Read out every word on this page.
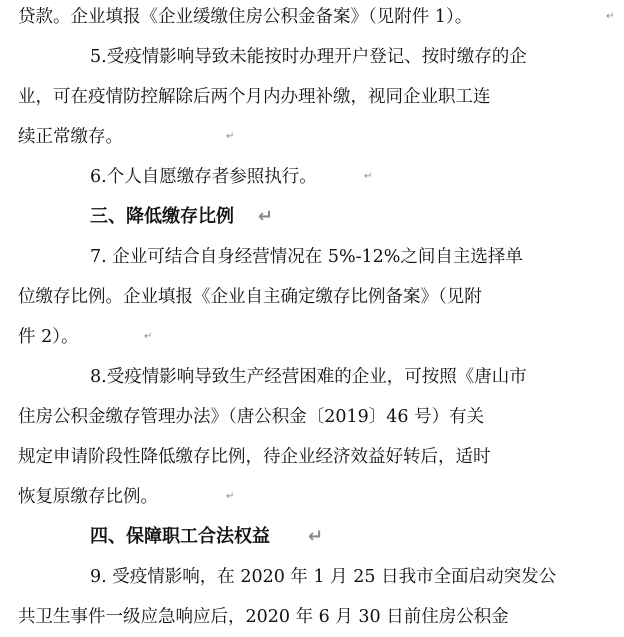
贷款。企业填报《企业缓缴住房公积金备案》（见附件 1）。	↵
5.受疫情影响导致未能按时办理开户登记、按时缴存的企
业，可在疫情防控解除后两个月内办理补缴，视同企业职工连
续正常缴存。	↵
6.个人自愿缴存者参照执行。	↵
三、降低缴存比例 ↵
7. 企业可结合自身经营情况在 5%-12%之间自主选择单
位缴存比例。企业填报《企业自主确定缴存比例备案》（见附
件 2）。	↵
8.受疫情影响导致生产经营困难的企业，可按照《唐山市
住房公积金缴存管理办法》（唐公积金〔2019〕46 号）有关
规定申请阶段性降低缴存比例，待企业经济效益好转后，适时
恢复原缴存比例。	↵
四、保障职工合法权益 ↵
9. 受疫情影响，在 2020 年 1 月 25 日我市全面启动突发公
共卫生事件一级应急响应后，2020 年 6 月 30 日前住房公积金
